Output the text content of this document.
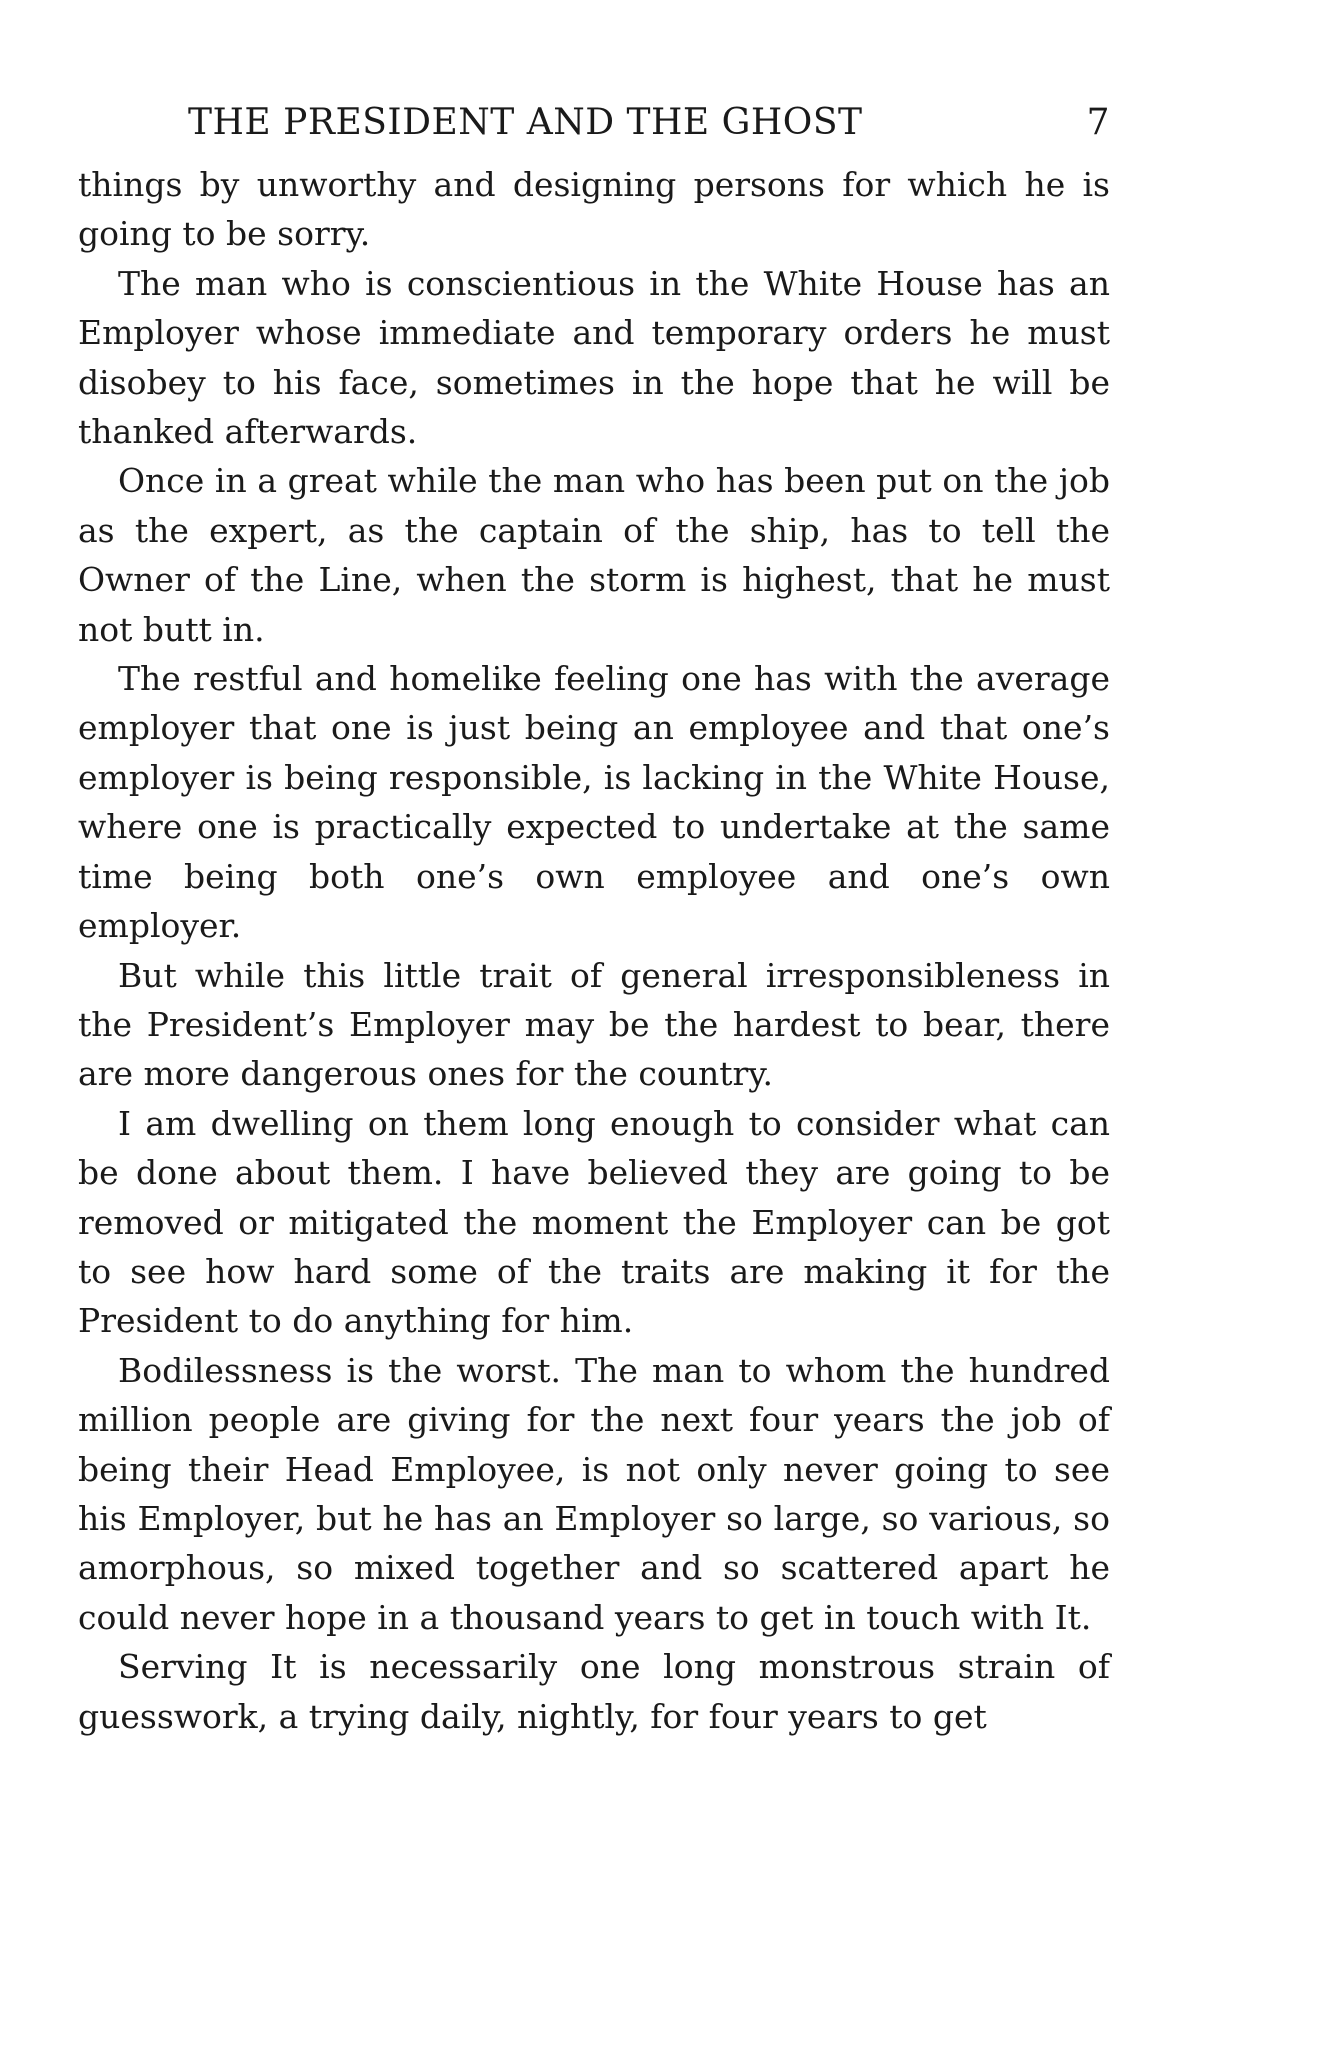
THE PRESIDENT AND THE GHOST	7

things by unworthy and designing persons for which he is going to be sorry.

The man who is conscientious in the White House has an Employer whose immediate and temporary orders he must disobey to his face, sometimes in the hope that he will be thanked afterwards.

Once in a great while the man who has been put on the job as the expert, as the captain of the ship, has to tell the Owner of the Line, when the storm is highest, that he must not butt in.

The restful and homelike feeling one has with the average employer that one is just being an employee and that one’s employer is being responsible, is lacking in the White House, where one is practically expected to undertake at the same time being both one’s own employee and one’s own employer.

But while this little trait of general irresponsibleness in the President’s Employer may be the hardest to bear, there are more dangerous ones for the country.

I am dwelling on them long enough to consider what can be done about them. I have believed they are going to be removed or mitigated the moment the Employer can be got to see how hard some of the traits are making it for the President to do anything for him.

Bodilessness is the worst. The man to whom the hundred million people are giving for the next four years the job of being their Head Employee, is not only never going to see his Employer, but he has an Employer so large, so various, so amorphous, so mixed together and so scattered apart he could never hope in a thousand years to get in touch with It.

Serving It is necessarily one long monstrous strain of guesswork, a trying daily, nightly, for four years to get
